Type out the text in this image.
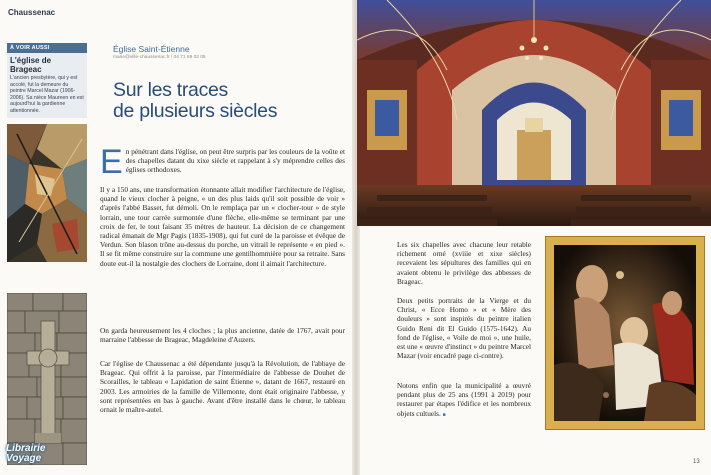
Chaussenac
À VOIR AUSSI
L'église de Brageac
L'ancien presbytère, qui y est accolé, fut la demeure du peintre Marcel Mazar (1906-2006). Sa nièce Maureen en est aujourd'hui la gardienne attentionnée.
Librairie
Voyage
Église Saint-Étienne
marie@ville-chaussenac.fr / 04 71 69 02 05
Sur les traces
de plusieurs siècles

En pénétrant dans l'église, on peut être surpris par les couleurs de la voûte et des chapelles datant du xixe siècle et rappelant à s'y méprendre celles des églises orthodoxes.

Il y a 150 ans, une transformation étonnante allait modifier l'architecture de l'église, quand le vieux clocher à peigne, « un des plus laids qu'il soit possible de voir » d'après l'abbé Basset, fut démoli. On le remplaça par un « clocher-tour » de style lorrain, une tour carrée surmontée d'une flèche, elle-même se terminant par une croix de fer, le tout faisant 35 mètres de hauteur. La décision de ce changement radical émanait de Mgr Pagis (1835-1908), qui fut curé de la paroisse et évêque de Verdun. Son blason trône au-dessus du porche, un vitrail le représente « en pied ». Il se fit même construire sur la commune une gentilhommière pour sa retraite. Sans doute eut-il la nostalgie des clochers de Lorraine, dont il aimait l'architecture.

On garda heureusement les 4 cloches ; la plus ancienne, datée de 1767, avait pour marraine l'abbesse de Brageac, Magdeleine d'Auzers.

Car l'église de Chaussenac a été dépendante jusqu'à la Révolution, de l'abbaye de Brageac. Qui offrit à la paroisse, par l'intermédiaire de l'abbesse de Douhet de Scorailles, le tableau « Lapidation de saint Étienne », datant de 1667, restauré en 2003. Les armoiries de la famille de Villemonte, dont était originaire l'abbesse, y sont représentées en bas à gauche. Avant d'être installé dans le chœur, le tableau ornait le maître-autel.

Les six chapelles avec chacune leur retable richement orné (xviiie et xixe siècles) recevaient les sépultures des familles qui en avaient obtenu le privilège des abbesses de Brageac.

Deux petits portraits de la Vierge et du Christ, « Ecce Homo » et « Mère des douleurs » sont inspirés du peintre italien Guido Reni dit El Guido (1575-1642). Au fond de l'église, « Voile de moi », une huile, est une « œuvre d'instinct » du peintre Marcel Mazar (voir encadré page ci-contre).

Notons enfin que la municipalité a œuvré pendant plus de 25 ans (1991 à 2019) pour restaurer par étapes l'édifice et les nombreux objets cultuels. ■

13
